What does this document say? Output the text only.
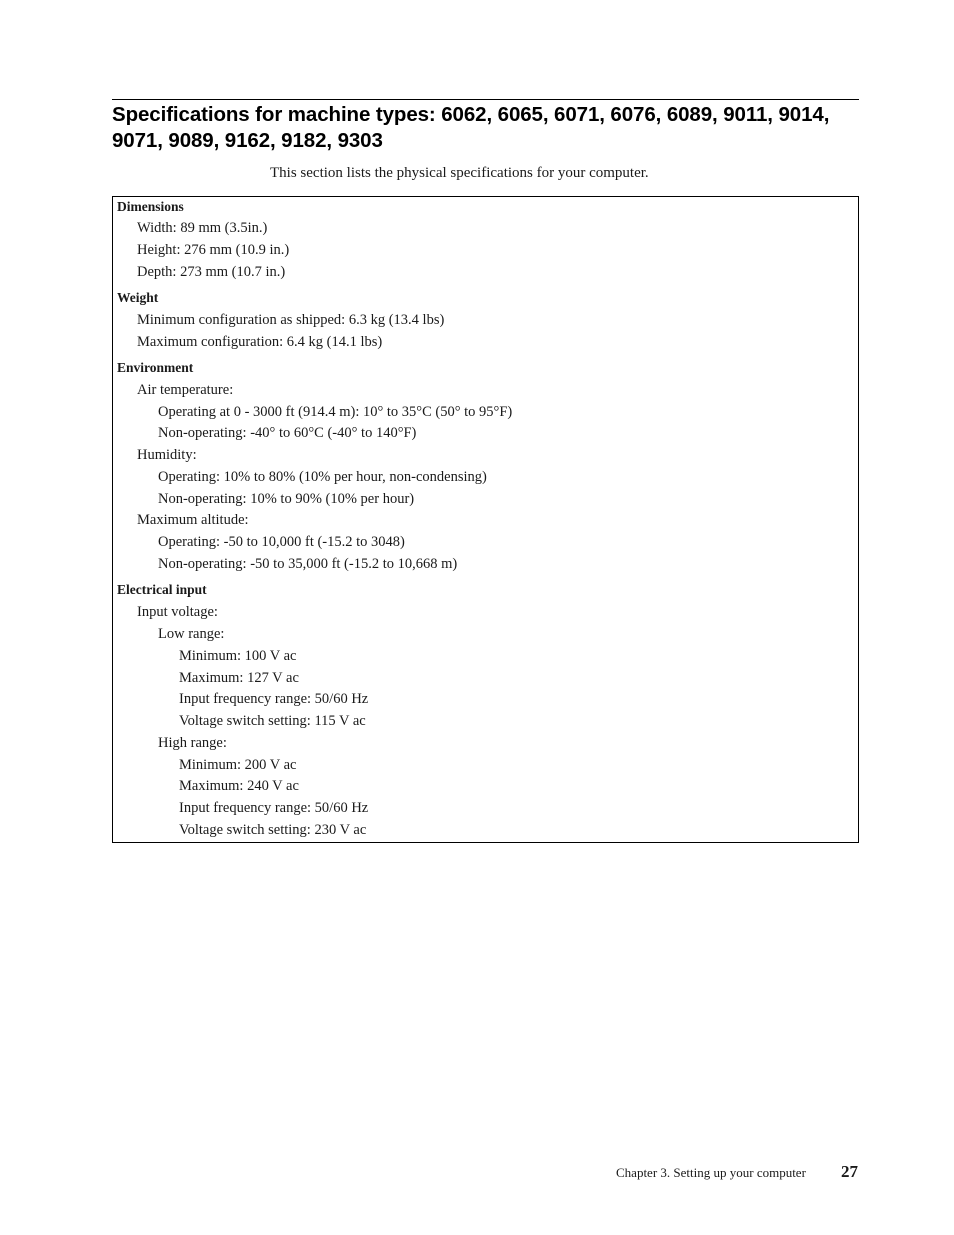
Specifications for machine types: 6062, 6065, 6071, 6076, 6089, 9011, 9014, 9071, 9089, 9162, 9182, 9303

This section lists the physical specifications for your computer.

Dimensions
Width: 89 mm (3.5in.)
Height: 276 mm (10.9 in.)
Depth: 273 mm (10.7 in.)
Weight
Minimum configuration as shipped: 6.3 kg (13.4 lbs)
Maximum configuration: 6.4 kg (14.1 lbs)
Environment
Air temperature:
Operating at 0 - 3000 ft (914.4 m): 10° to 35°C (50° to 95°F)
Non-operating: -40° to 60°C (-40° to 140°F)
Humidity:
Operating: 10% to 80% (10% per hour, non-condensing)
Non-operating: 10% to 90% (10% per hour)
Maximum altitude:
Operating: -50 to 10,000 ft (-15.2 to 3048)
Non-operating: -50 to 35,000 ft (-15.2 to 10,668 m)
Electrical input
Input voltage:
Low range:
Minimum: 100 V ac
Maximum: 127 V ac
Input frequency range: 50/60 Hz
Voltage switch setting: 115 V ac
High range:
Minimum: 200 V ac
Maximum: 240 V ac
Input frequency range: 50/60 Hz
Voltage switch setting: 230 V ac
Chapter 3. Setting up your computer 27
